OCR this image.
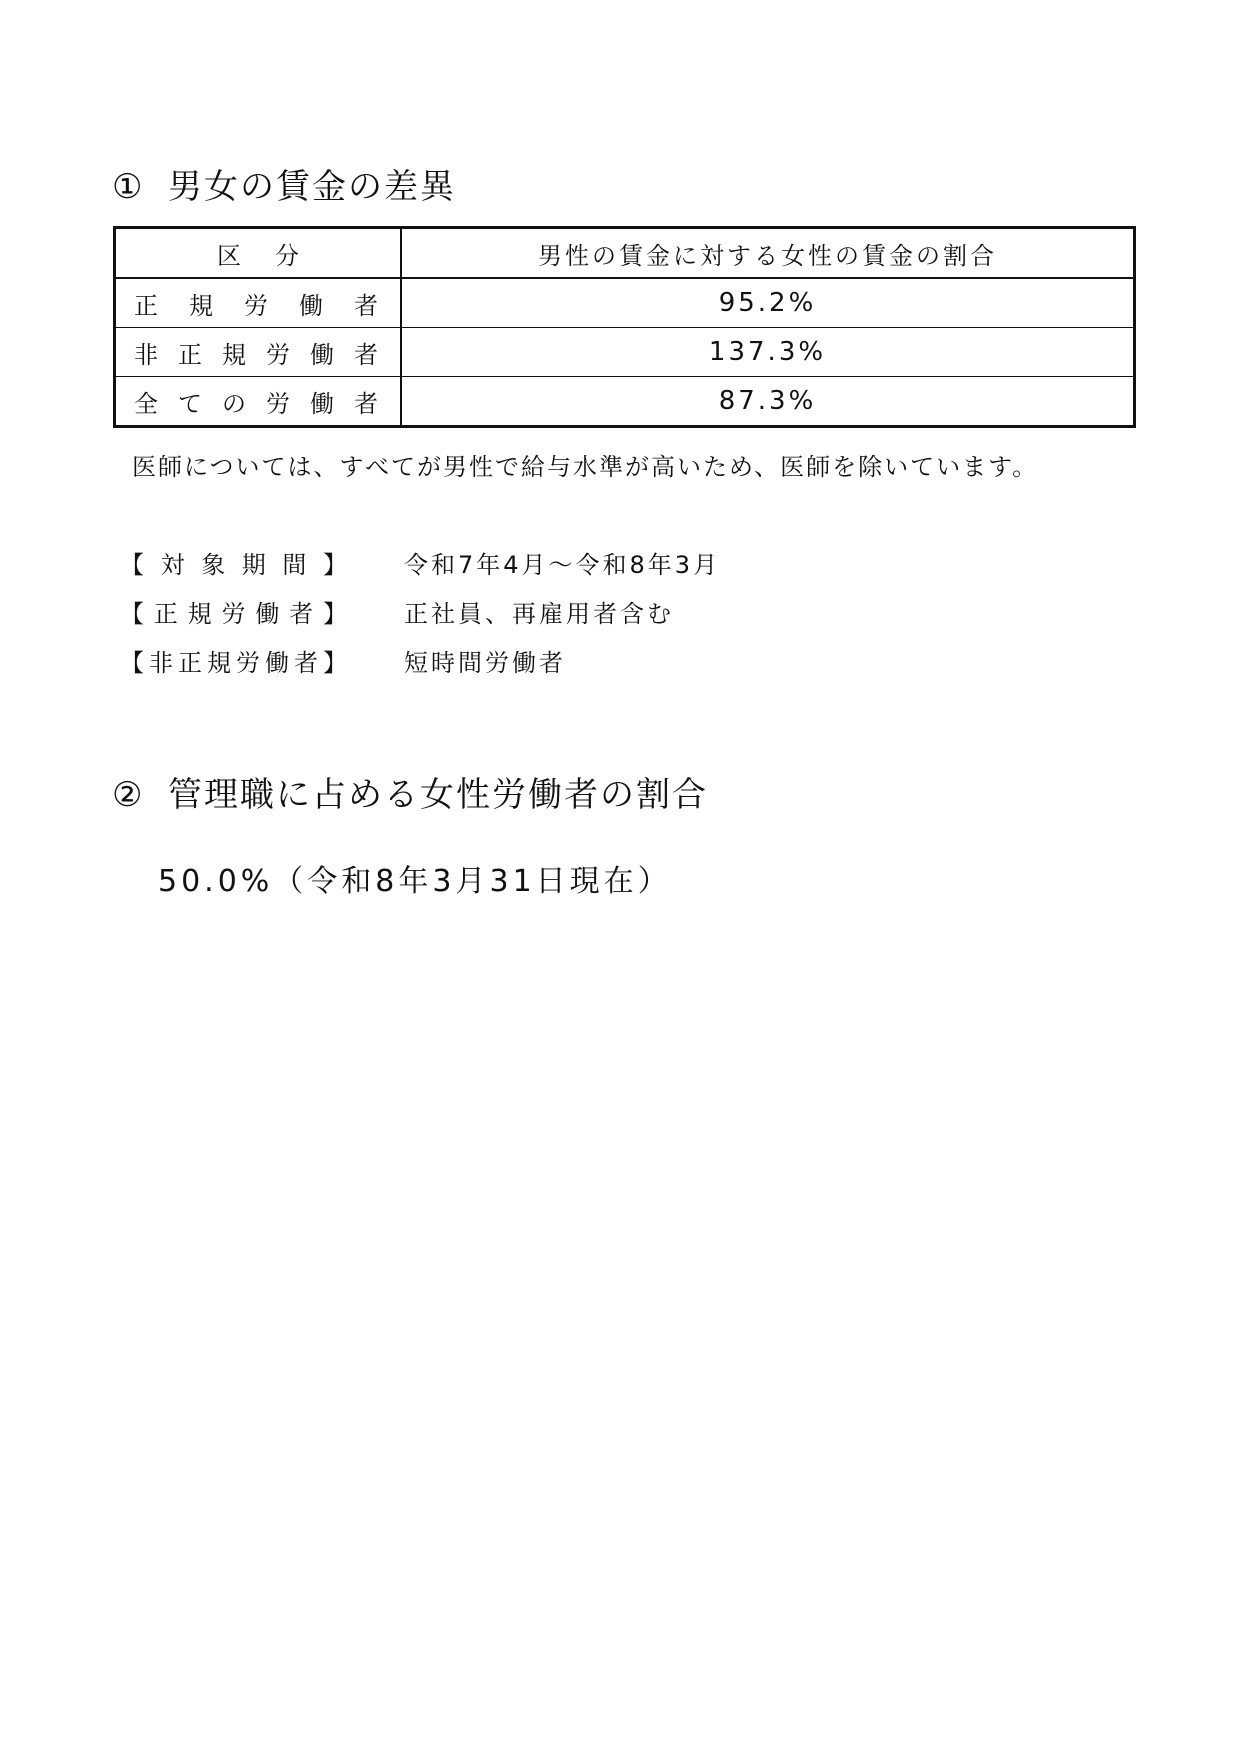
① 男女の賃金の差異
区分	男性の賃金に対する女性の賃金の割合
正規労働者	95.2%
非正規労働者	137.3%
全ての労働者	87.3%
医師については、すべてが男性で給与水準が高いため、医師を除いています。
【対象期間】 令和7年4月～令和8年3月
【正規労働者】 正社員、再雇用者含む
【非正規労働者】 短時間労働者
② 管理職に占める女性労働者の割合
50.0%（令和8年3月31日現在）
